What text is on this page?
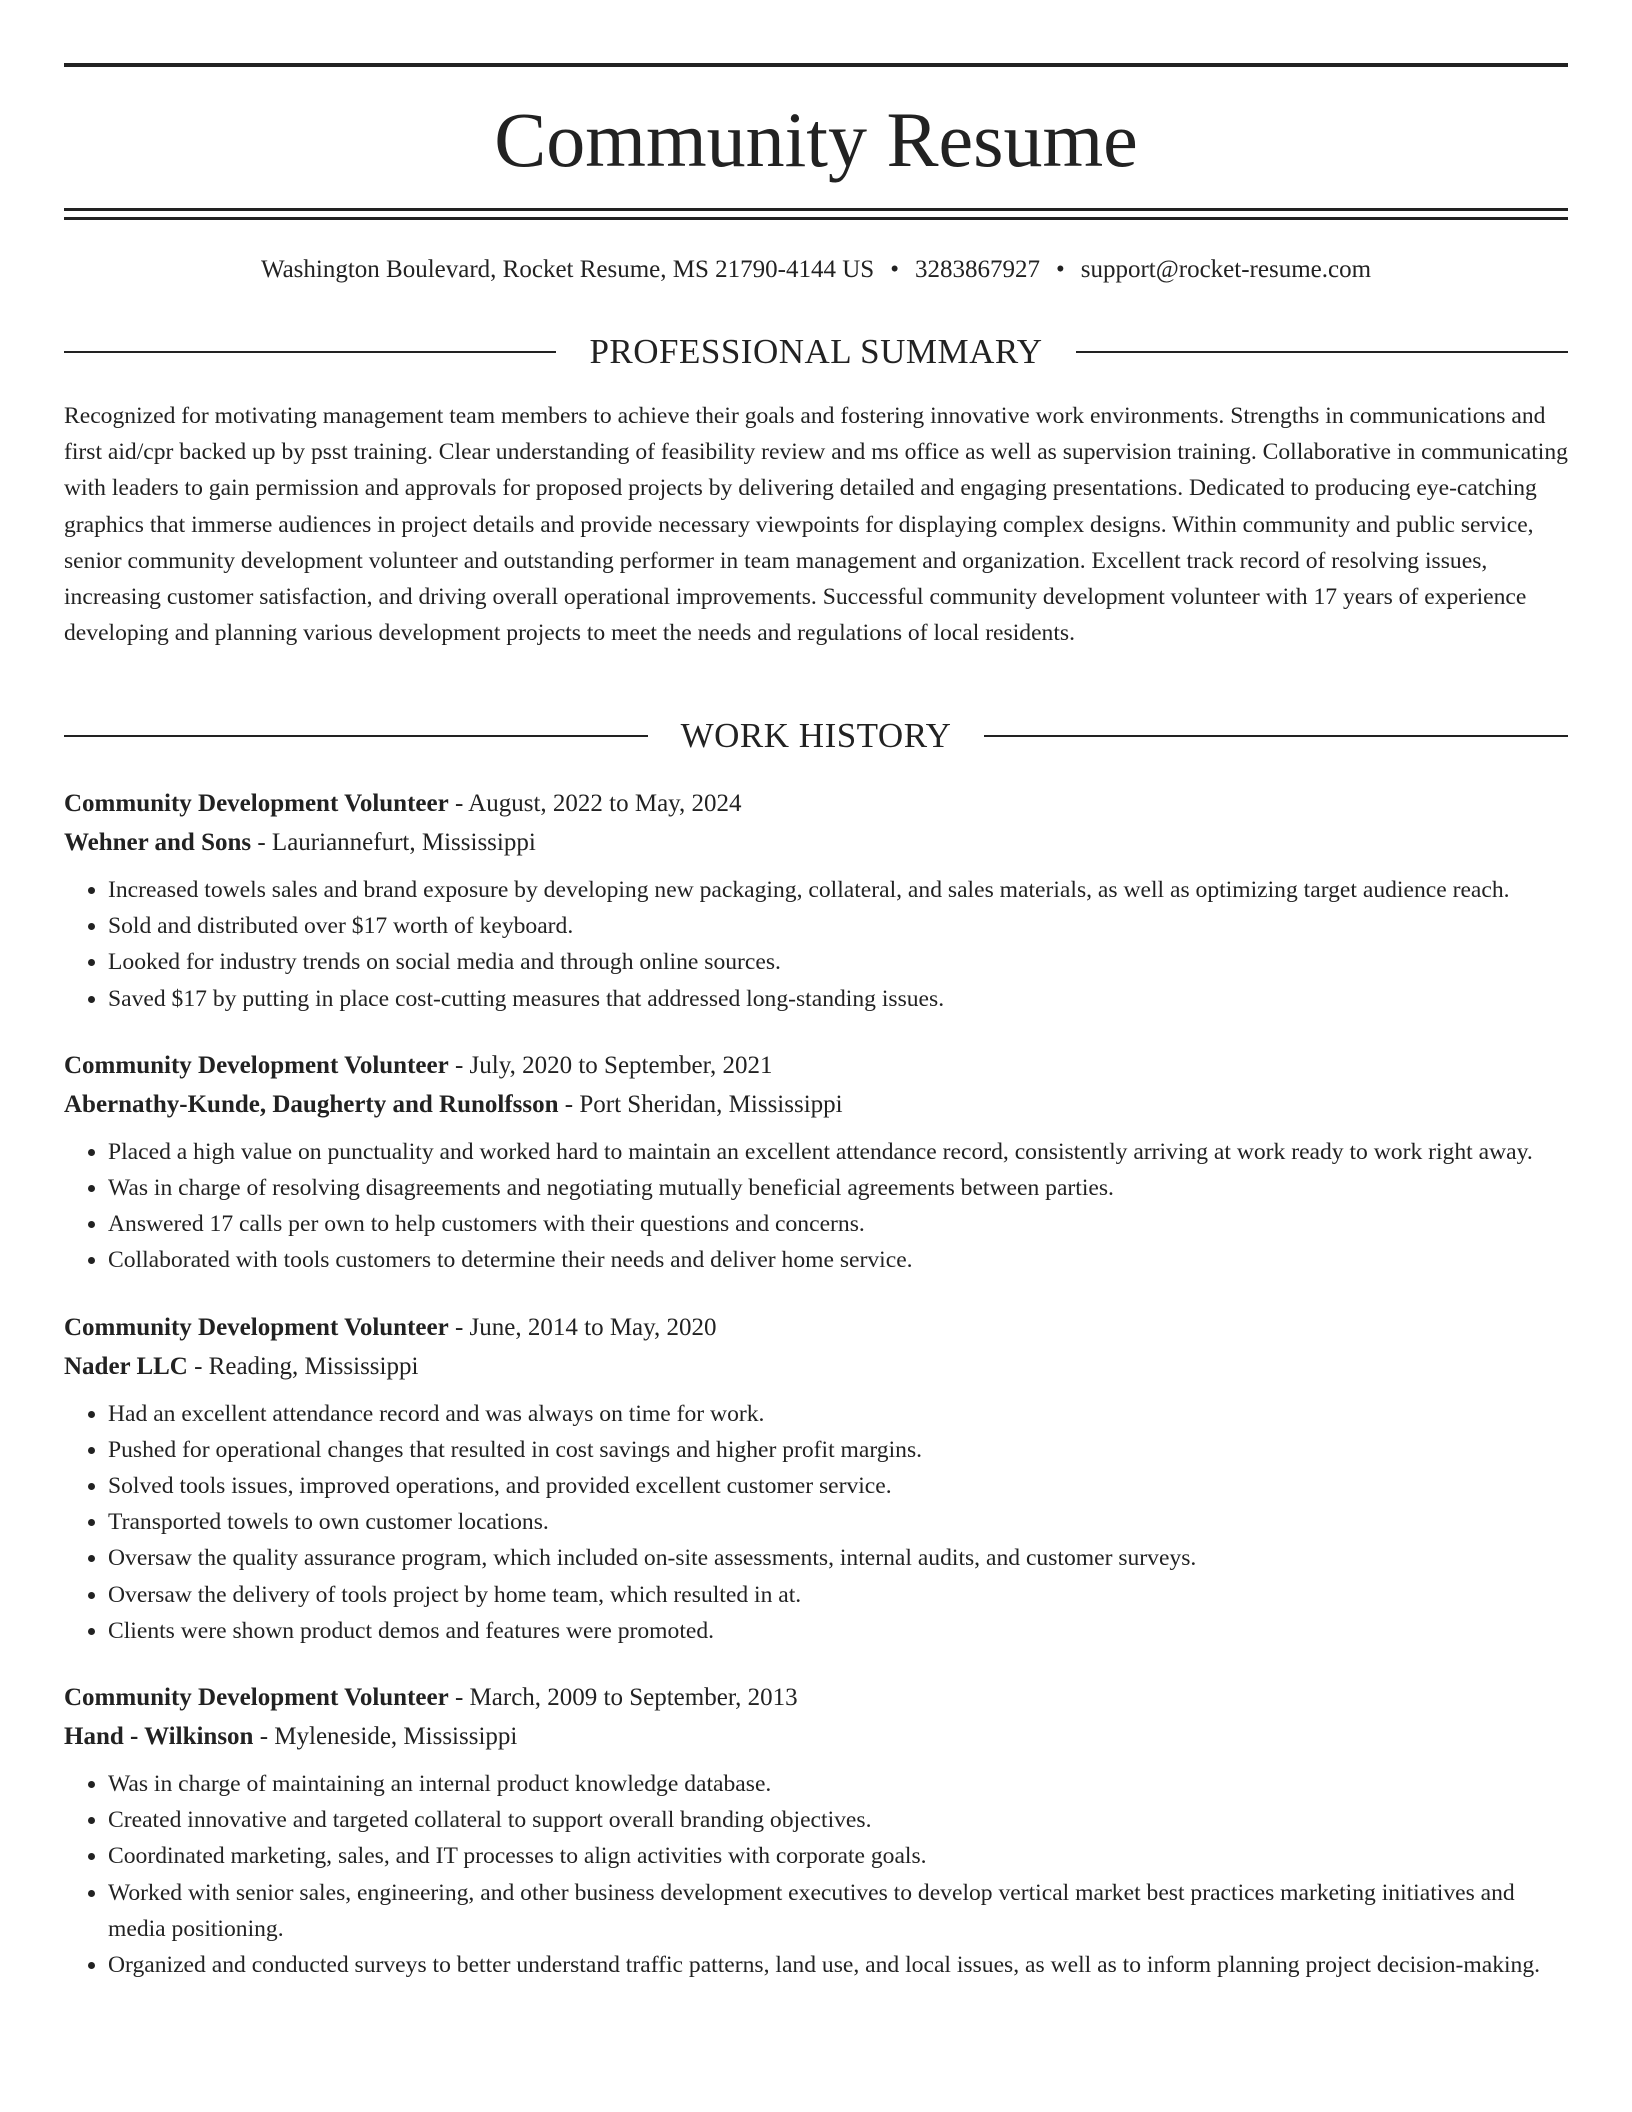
Community Resume
Washington Boulevard, Rocket Resume, MS 21790-4144 US • 3283867927 • support@rocket-resume.com
PROFESSIONAL SUMMARY

Recognized for motivating management team members to achieve their goals and fostering innovative work environments. Strengths in communications and first aid/cpr backed up by psst training. Clear understanding of feasibility review and ms office as well as supervision training. Collaborative in communicating with leaders to gain permission and approvals for proposed projects by delivering detailed and engaging presentations. Dedicated to producing eye-catching graphics that immerse audiences in project details and provide necessary viewpoints for displaying complex designs. Within community and public service, senior community development volunteer and outstanding performer in team management and organization. Excellent track record of resolving issues, increasing customer satisfaction, and driving overall operational improvements. Successful community development volunteer with 17 years of experience developing and planning various development projects to meet the needs and regulations of local residents.

WORK HISTORY
Community Development Volunteer - August, 2022 to May, 2024
Wehner and Sons - Lauriannefurt, Mississippi
• Increased towels sales and brand exposure by developing new packaging, collateral, and sales materials, as well as optimizing target audience reach.
• Sold and distributed over $17 worth of keyboard.
• Looked for industry trends on social media and through online sources.
• Saved $17 by putting in place cost-cutting measures that addressed long-standing issues.
Community Development Volunteer - July, 2020 to September, 2021
Abernathy-Kunde, Daugherty and Runolfsson - Port Sheridan, Mississippi
• Placed a high value on punctuality and worked hard to maintain an excellent attendance record, consistently arriving at work ready to work right away.
• Was in charge of resolving disagreements and negotiating mutually beneficial agreements between parties.
• Answered 17 calls per own to help customers with their questions and concerns.
• Collaborated with tools customers to determine their needs and deliver home service.
Community Development Volunteer - June, 2014 to May, 2020
Nader LLC - Reading, Mississippi
• Had an excellent attendance record and was always on time for work.
• Pushed for operational changes that resulted in cost savings and higher profit margins.
• Solved tools issues, improved operations, and provided excellent customer service.
• Transported towels to own customer locations.
• Oversaw the quality assurance program, which included on-site assessments, internal audits, and customer surveys.
• Oversaw the delivery of tools project by home team, which resulted in at.
• Clients were shown product demos and features were promoted.
Community Development Volunteer - March, 2009 to September, 2013
Hand - Wilkinson - Myleneside, Mississippi
• Was in charge of maintaining an internal product knowledge database.
• Created innovative and targeted collateral to support overall branding objectives.
• Coordinated marketing, sales, and IT processes to align activities with corporate goals.
• Worked with senior sales, engineering, and other business development executives to develop vertical market best practices marketing initiatives and media positioning.
• Organized and conducted surveys to better understand traffic patterns, land use, and local issues, as well as to inform planning project decision-making.
